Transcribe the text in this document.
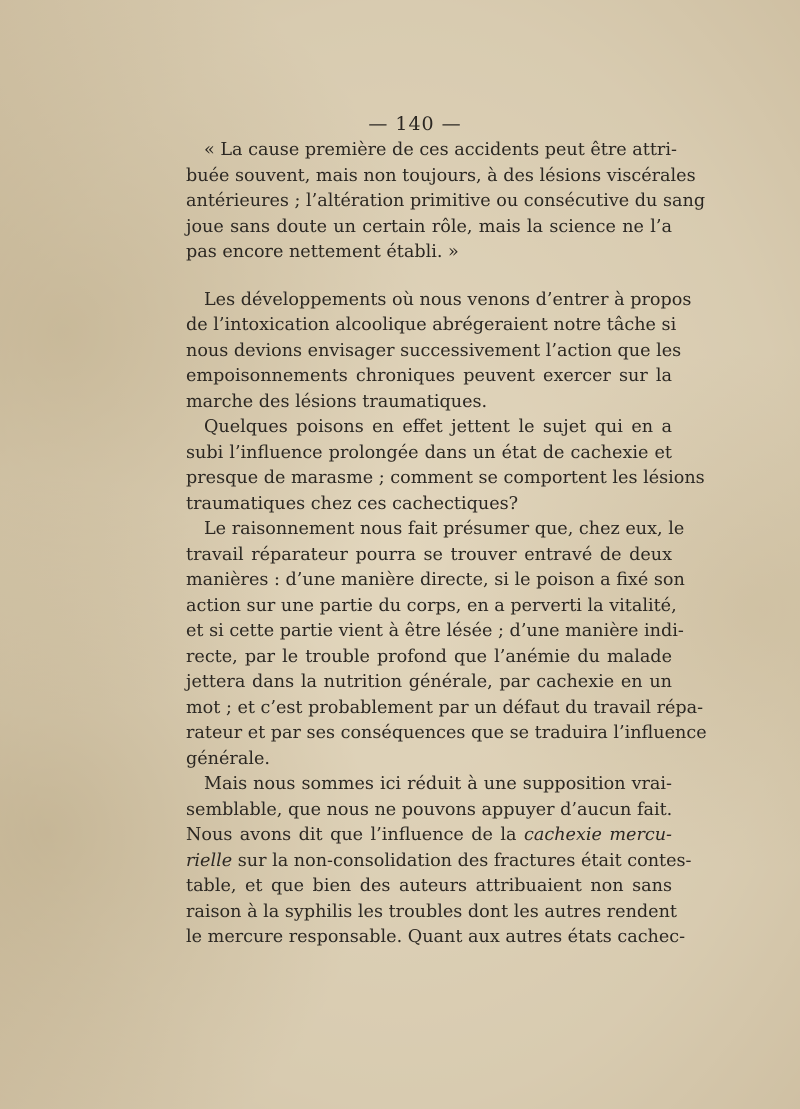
— 140 —

« La cause première de ces accidents peut être attri-
buée souvent, mais non toujours, à des lésions viscérales
antérieures ; l’altération primitive ou consécutive du sang
joue sans doute un certain rôle, mais la science ne l’a
pas encore nettement établi. »
Les développements où nous venons d’entrer à propos
de l’intoxication alcoolique abrégeraient notre tâche si
nous devions envisager successivement l’action que les
empoisonnements chroniques peuvent exercer sur la
marche des lésions traumatiques.
Quelques poisons en effet jettent le sujet qui en a
subi l’influence prolongée dans un état de cachexie et
presque de marasme ; comment se comportent les lésions
traumatiques chez ces cachectiques?
Le raisonnement nous fait présumer que, chez eux, le
travail réparateur pourra se trouver entravé de deux
manières : d’une manière directe, si le poison a fixé son
action sur une partie du corps, en a perverti la vitalité,
et si cette partie vient à être lésée ; d’une manière indi-
recte, par le trouble profond que l’anémie du malade
jettera dans la nutrition générale, par cachexie en un
mot ; et c’est probablement par un défaut du travail répa-
rateur et par ses conséquences que se traduira l’influence
générale.
Mais nous sommes ici réduit à une supposition vrai-
semblable, que nous ne pouvons appuyer d’aucun fait.
Nous avons dit que l’influence de la cachexie mercu-
rielle sur la non-consolidation des fractures était contes-
table, et que bien des auteurs attribuaient non sans
raison à la syphilis les troubles dont les autres rendent
le mercure responsable. Quant aux autres états cachec-
